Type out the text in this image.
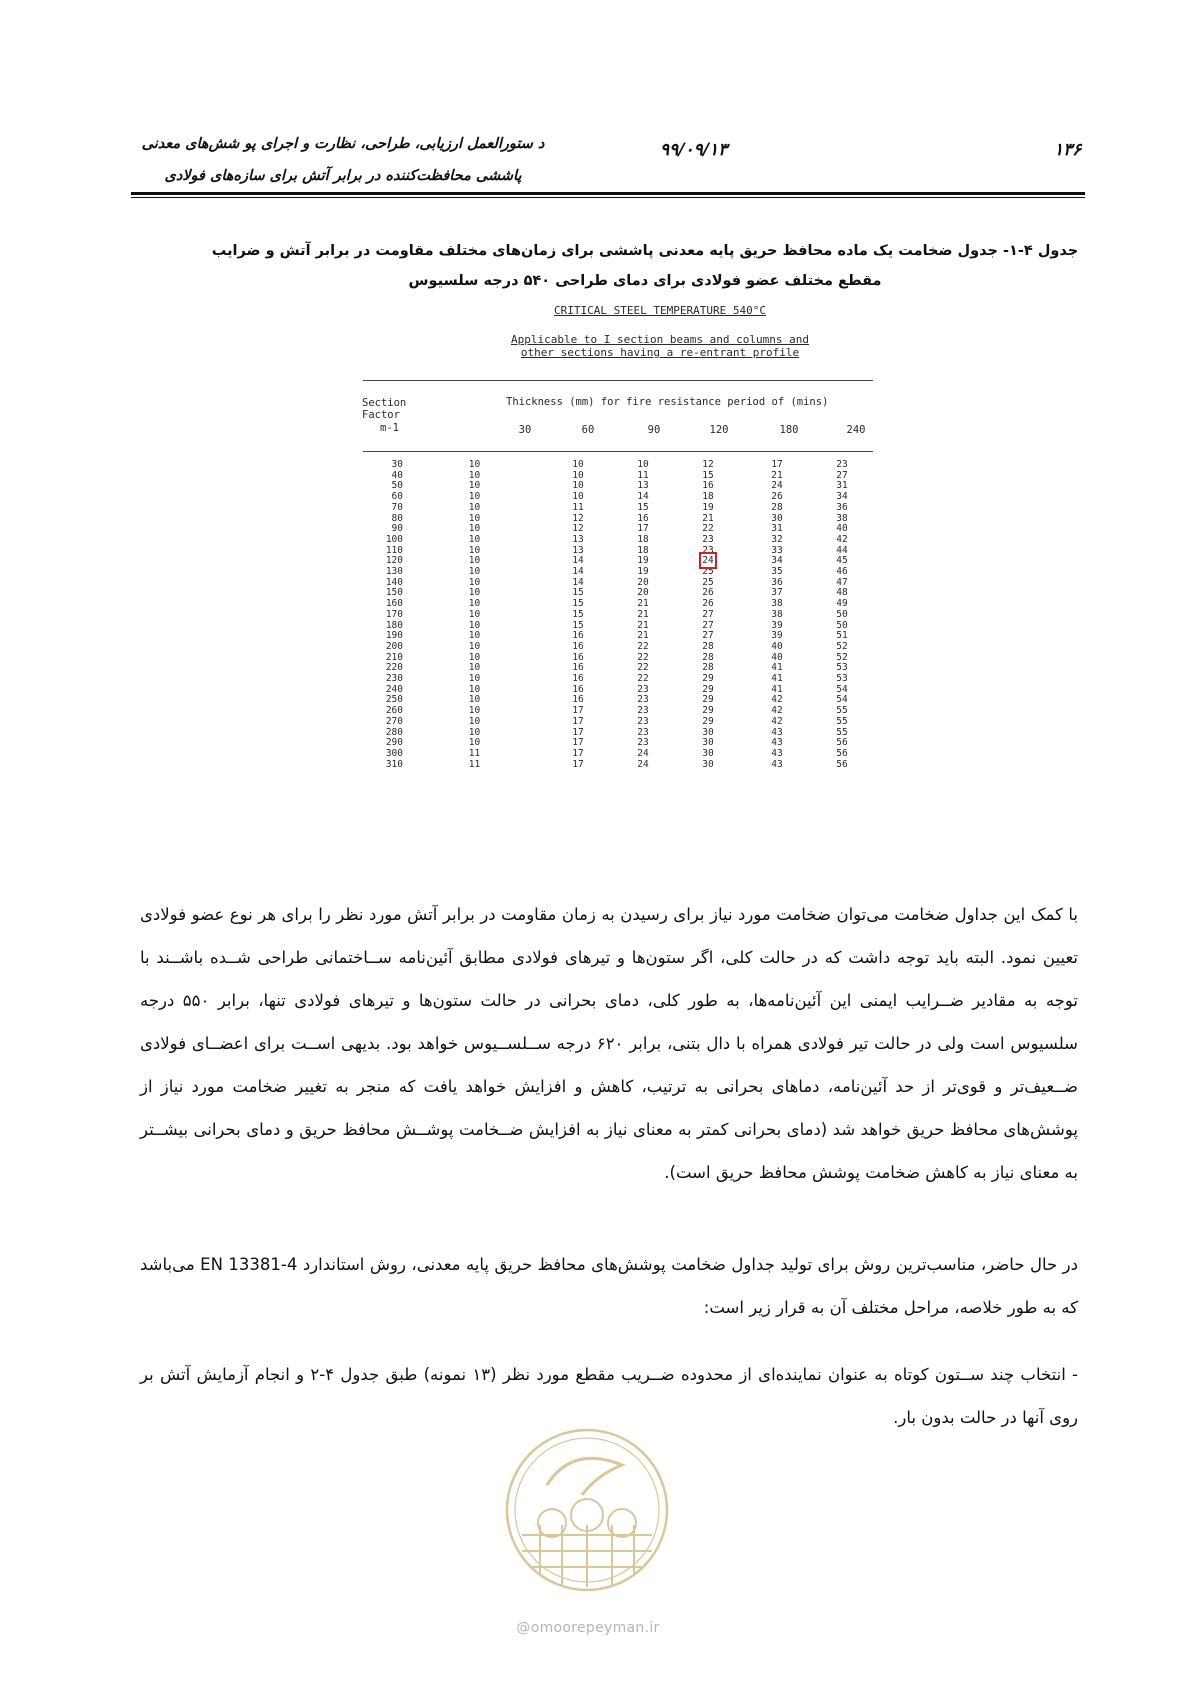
د ستورالعمل ارزیابی، طراحی، نظارت و اجرای پو شش‌های معدنی
پاششی محافظت‌کننده در برابر آتش برای سازه‌های فولادی
۹۹/۰۹/۱۳	۱۳۶
جدول ۴-۱- جدول ضخامت یک ماده محافظ حریق پایه معدنی پاششی برای زمان‌های مختلف مقاومت در برابر آتش و ضرایب
مقطع مختلف عضو فولادی برای دمای طراحی ۵۴۰ درجه سلسیوس
CRITICAL STEEL TEMPERATURE 540°C
Applicable to I section beams and columns and
other sections having a re-entrant profile
Section
Factor
m-1
Thickness (mm) for fire resistance period of (mins)
30	60	90	120	180	240
30	10	10	10	12	17	23
40	10	10	11	15	21	27
50	10	10	13	16	24	31
60	10	10	14	18	26	34
70	10	11	15	19	28	36
80	10	12	16	21	30	38
90	10	12	17	22	31	40
100	10	13	18	23	32	42
110	10	13	18	23	33	44
120	10	14	19	24	34	45
130	10	14	19	25	35	46
140	10	14	20	25	36	47
150	10	15	20	26	37	48
160	10	15	21	26	38	49
170	10	15	21	27	38	50
180	10	15	21	27	39	50
190	10	16	21	27	39	51
200	10	16	22	28	40	52
210	10	16	22	28	40	52
220	10	16	22	28	41	53
230	10	16	22	29	41	53
240	10	16	23	29	41	54
250	10	16	23	29	42	54
260	10	17	23	29	42	55
270	10	17	23	29	42	55
280	10	17	23	30	43	55
290	10	17	23	30	43	56
300	11	17	24	30	43	56
310	11	17	24	30	43	56
با کمک این جداول ضخامت می‌توان ضخامت مورد نیاز برای رسیدن به زمان مقاومت در برابر آتش مورد نظر را برای هر نوع عضو فولادی تعیین نمود. البته باید توجه داشت که در حالت کلی، اگر ستون‌ها و تیرهای فولادی مطابق آئین‌نامه ســاختمانی طراحی شــده باشــند با توجه به مقادیر ضــرایب ایمنی این آئین‌نامه‌ها، به طور کلی، دمای بحرانی در حالت ستون‌ها و تیرهای فولادی تنها، برابر ۵۵۰ درجه سلسیوس است ولی در حالت تیر فولادی همراه با دال بتنی، برابر ۶۲۰ درجه ســلســیوس خواهد بود. بدیهی اســت برای اعضــای فولادی ضــعیف‌تر و قوی‌تر از حد آئین‌نامه، دماهای بحرانی به ترتیب، کاهش و افزایش خواهد یافت که منجر به تغییر ضخامت مورد نیاز از پوشش‌های محافظ حریق خواهد شد (دمای بحرانی کمتر به معنای نیاز به افزایش ضــخامت پوشــش محافظ حریق و دمای بحرانی بیشــتر به معنای نیاز به کاهش ضخامت پوشش محافظ حریق است).

در حال حاضر، مناسب‌ترین روش برای تولید جداول ضخامت پوشش‌های محافظ حریق پایه معدنی، روش استاندارد EN 13381-4 می‌باشد که به طور خلاصه، مراحل مختلف آن به قرار زیر است:

- انتخاب چند ســتون کوتاه به عنوان نماینده‌ای از محدوده ضــریب مقطع مورد نظر (۱۳ نمونه) طبق جدول ۴-۲ و انجام آزمایش آتش بر روی آنها در حالت بدون بار.
@omoorepeyman.ir
